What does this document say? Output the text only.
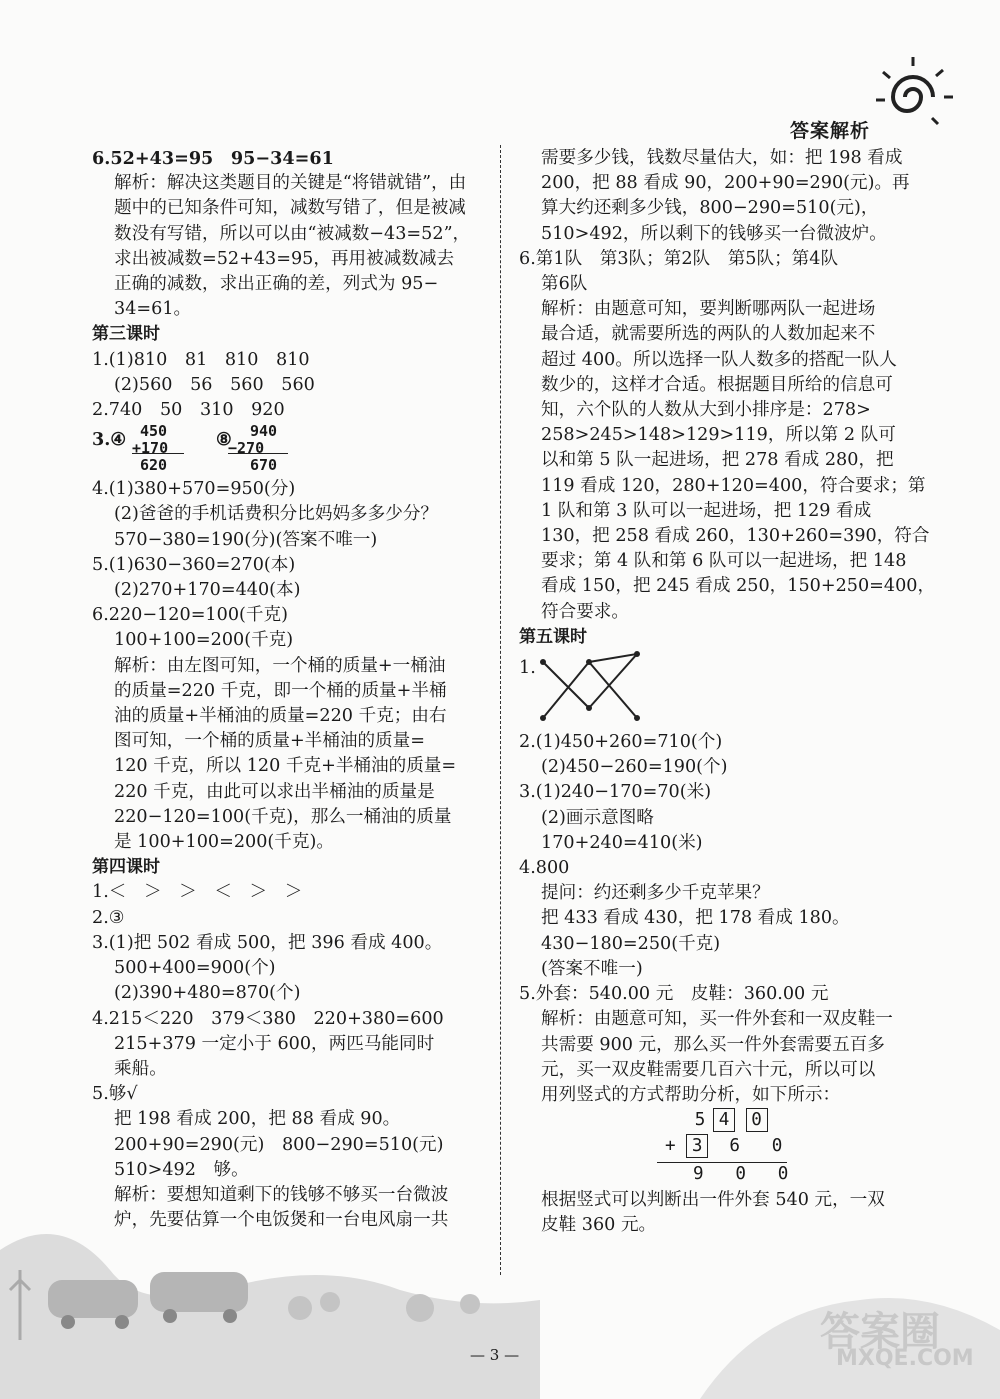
答案解析
6.52+43=95　95−34=61
解析：解决这类题目的关键是“将错就错”，由
题中的已知条件可知，减数写错了，但是被减
数没有写错，所以可以由“被减数−43=52”，
求出被减数=52+43=95，再用被减数减去
正确的减数，求出正确的差，列式为 95−
34=61。
第三课时
1.(1)810　81　810　810
(2)560　56　560　560
2.740　50　310　920
3.④ 450
+170
620
⑧ 940
−270
670
4.(1)380+570=950(分)
(2)爸爸的手机话费积分比妈妈多多少分？
570−380=190(分)(答案不唯一)
5.(1)630−360=270(本)
(2)270+170=440(本)
6.220−120=100(千克)
100+100=200(千克)
解析：由左图可知，一个桶的质量+一桶油
的质量=220 千克，即一个桶的质量+半桶
油的质量+半桶油的质量=220 千克；由右
图可知，一个桶的质量+半桶油的质量=
120 千克，所以 120 千克+半桶油的质量=
220 千克，由此可以求出半桶油的质量是
220−120=100(千克)，那么一桶油的质量
是 100+100=200(千克)。
第四课时
1.＜　＞　＞　＜　＞　＞
2.③
3.(1)把 502 看成 500，把 396 看成 400。
500+400=900(个)
(2)390+480=870(个)
4.215＜220　379＜380　220+380=600
215+379 一定小于 600，两匹马能同时
乘船。
5.够√
把 198 看成 200，把 88 看成 90。
200+90=290(元)　800−290=510(元)
510>492　够。
解析：要想知道剩下的钱够不够买一台微波
炉，先要估算一个电饭煲和一台电风扇一共
需要多少钱，钱数尽量估大，如：把 198 看成
200，把 88 看成 90，200+90=290(元)。再
算大约还剩多少钱，800−290=510(元)，
510>492，所以剩下的钱够买一台微波炉。
6.第1队　第3队；第2队　第5队；第4队
第6队
解析：由题意可知，要判断哪两队一起进场
最合适，就需要所选的两队的人数加起来不
超过 400。所以选择一队人数多的搭配一队人
数少的，这样才合适。根据题目所给的信息可
知，六个队的人数从大到小排序是：278>
258>245>148>129>119，所以第 2 队可
以和第 5 队一起进场，把 278 看成 280，把
119 看成 120，280+120=400，符合要求；第
1 队和第 3 队可以一起进场，把 129 看成
130，把 258 看成 260，130+260=390，符合
要求；第 4 队和第 6 队可以一起进场，把 148
看成 150，把 245 看成 250，150+250=400，
符合要求。
第五课时
1.
2.(1)450+260=710(个)
(2)450−260=190(个)
3.(1)240−170=70(米)
(2)画示意图略
170+240=410(米)
4.800
提问：约还剩多少千克苹果？
把 433 看成 430，把 178 看成 180。
430−180=250(千克)
(答案不唯一)
5.外套：540.00 元　皮鞋：360.00 元
解析：由题意可知，买一件外套和一双皮鞋一
共需要 900 元，那么买一件外套需要五百多
元，买一双皮鞋需要几百六十元，所以可以
用列竖式的方式帮助分析，如下所示：
5 4 0
+ 3 6 0
9 0 0
根据竖式可以判断出一件外套 540 元，一双
皮鞋 360 元。
— 3 —	答案圈
MXQE.COM
